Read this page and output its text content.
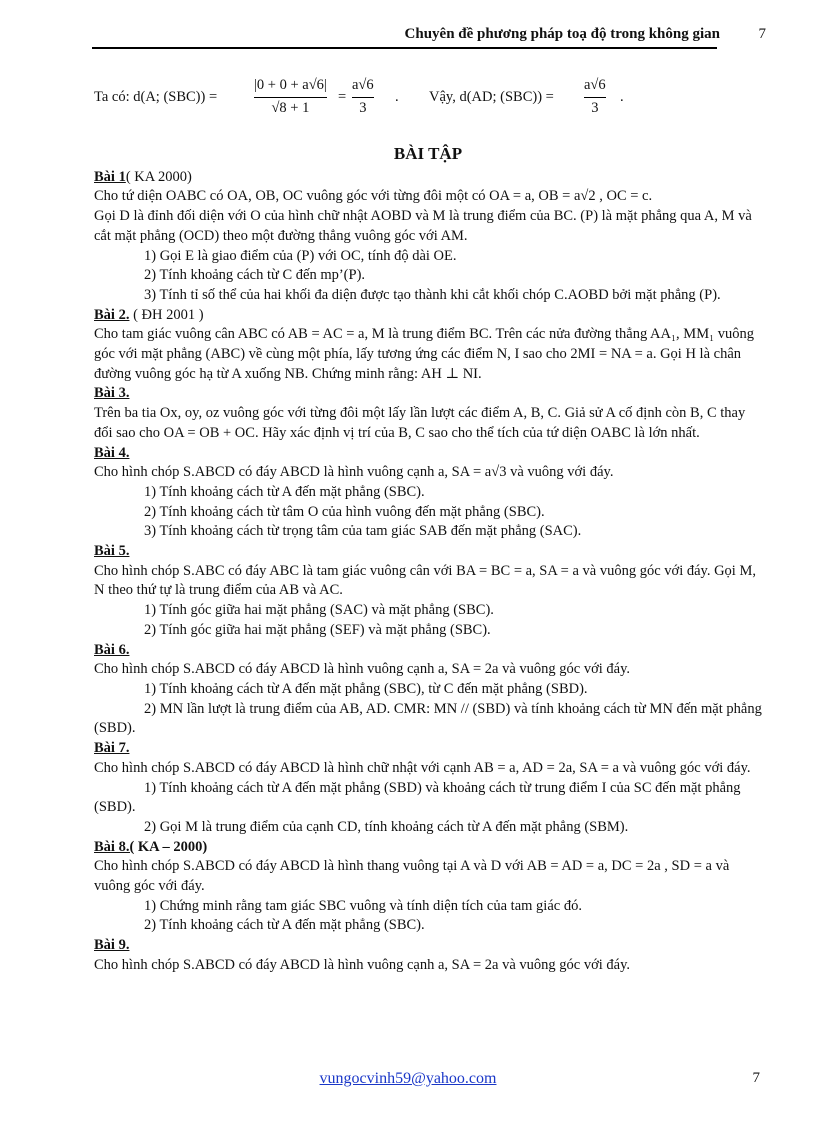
Chuyên đề phương pháp toạ độ trong không gian	7
Ta có: d(A; (SBC)) =
|0 + 0 + a√6|
√8 + 1
=
a√6
3
. Vậy, d(AD; (SBC)) =
a√6
3
.
BÀI TẬP

Bài 1( KA 2000)

Cho tứ diện OABC có OA, OB, OC vuông góc với từng đôi một có OA = a, OB = a√2 , OC = c.

Gọi D là đỉnh đối diện với O của hình chữ nhật AOBD và M là trung điểm của BC. (P) là mặt phẳng qua A, M và cắt mặt phẳng (OCD) theo một đường thẳng vuông góc với AM.

1) Gọi E là giao điểm của (P) với OC, tính độ dài OE.

2) Tính khoảng cách từ C đến mp’(P).

3) Tính tỉ số thể của hai khối đa diện được tạo thành khi cắt khối chóp C.AOBD bởi mặt phẳng (P).

Bài 2. ( ĐH 2001 )

Cho tam giác vuông cân ABC có AB = AC = a, M là trung điểm BC. Trên các nửa đường thẳng AA₁, MM₁ vuông góc với mặt phẳng (ABC) về cùng một phía, lấy tương ứng các điểm N, I sao cho 2MI = NA = a. Gọi H là chân đường vuông góc hạ từ A xuống NB. Chứng minh rằng: AH ⊥ NI.

Bài 3.

Trên ba tia Ox, oy, oz vuông góc với từng đôi một lấy lần lượt các điểm A, B, C. Giả sử A cố định còn B, C thay đổi sao cho OA = OB + OC. Hãy xác định vị trí của B, C sao cho thể tích của tứ diện OABC là lớn nhất.

Bài 4.

Cho hình chóp S.ABCD có đáy ABCD là hình vuông cạnh a, SA = a√3 và vuông với đáy.

1) Tính khoảng cách từ A đến mặt phẳng (SBC).

2) Tính khoảng cách từ tâm O của hình vuông đến mặt phẳng (SBC).

3) Tính khoảng cách từ trọng tâm của tam giác SAB đến mặt phẳng (SAC).

Bài 5.

Cho hình chóp S.ABC có đáy ABC là tam giác vuông cân với BA = BC = a, SA = a và vuông góc với đáy. Gọi M, N theo thứ tự là trung điểm của AB và AC.

1) Tính góc giữa hai mặt phẳng (SAC) và mặt phẳng (SBC).

2) Tính góc giữa hai mặt phẳng (SEF) và mặt phẳng (SBC).

Bài 6.

Cho hình chóp S.ABCD có đáy ABCD là hình vuông cạnh a, SA = 2a và vuông góc với đáy.

1) Tính khoảng cách từ A đến mặt phẳng (SBC), từ C đến mặt phẳng (SBD).

2) MN lần lượt là trung điểm của AB, AD. CMR: MN // (SBD) và tính khoảng cách từ MN đến mặt phẳng (SBD).

Bài 7.

Cho hình chóp S.ABCD có đáy ABCD là hình chữ nhật với cạnh AB = a, AD = 2a, SA = a và vuông góc với đáy.

1) Tính khoảng cách từ A đến mặt phẳng (SBD) và khoảng cách từ trung điểm I của SC đến mặt phẳng (SBD).

2) Gọi M là trung điểm của cạnh CD, tính khoảng cách từ A đến mặt phẳng (SBM).

Bài 8.( KA – 2000)

Cho hình chóp S.ABCD có đáy ABCD là hình thang vuông tại A và D với AB = AD = a, DC = 2a , SD = a và vuông góc với đáy.

1) Chứng minh rằng tam giác SBC vuông và tính diện tích của tam giác đó.

2) Tính khoảng cách từ A đến mặt phẳng (SBC).

Bài 9.

Cho hình chóp S.ABCD có đáy ABCD là hình vuông cạnh a, SA = 2a và vuông góc với đáy.

vungocvinh59@yahoo.com	7
